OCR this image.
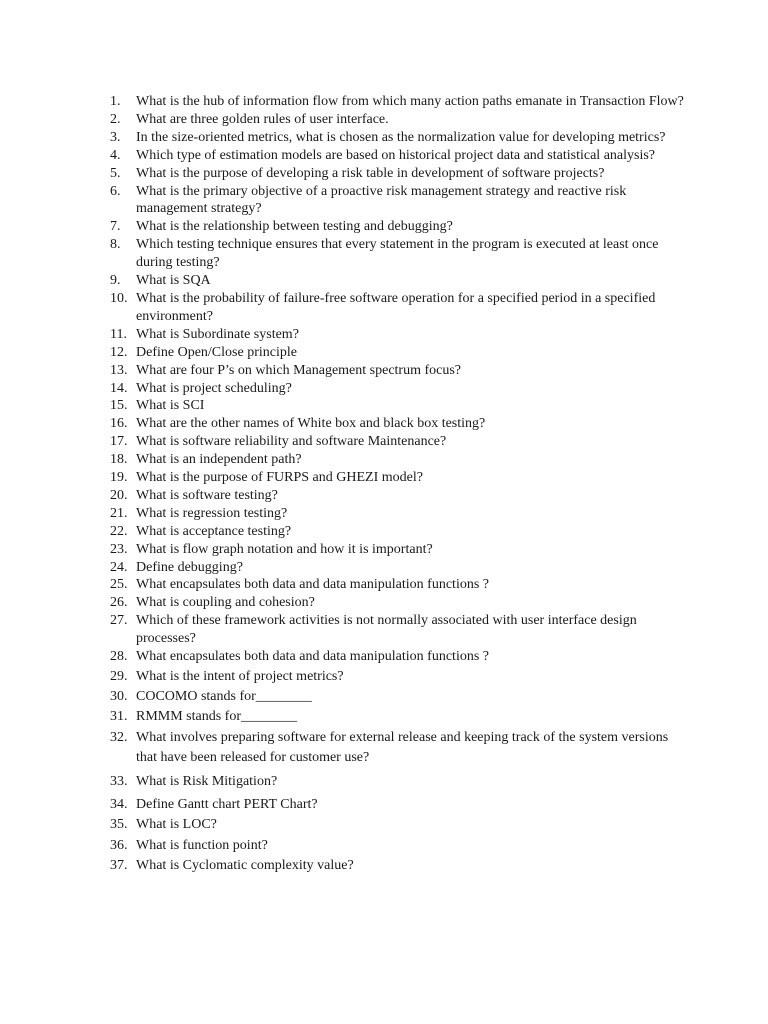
1.	What is the hub of information flow from which many action paths emanate in Transaction Flow?
2.	What are three golden rules of user interface.
3.	In the size-oriented metrics, what is chosen as the normalization value for developing metrics?
4.	Which type of estimation models are based on historical project data and statistical analysis?
5.	What is the purpose of developing a risk table in development of software projects?
6.	What is the primary objective of a proactive risk management strategy and reactive risk management strategy?
7.	What is the relationship between testing and debugging?
8.	Which testing technique ensures that every statement in the program is executed at least once during testing?
9.	What is SQA
10. What is the probability of failure-free software operation for a specified period in a specified environment?
11. What is Subordinate system?
12. Define Open/Close principle
13. What are four P’s on which Management spectrum focus?
14. What is project scheduling?
15. What is SCI
16. What are the other names of White box and black box testing?
17. What is software reliability and software Maintenance?
18. What is an independent path?
19. What is the purpose of FURPS and GHEZI model?
20. What is software testing?
21. What is regression testing?
22. What is acceptance testing?
23. What is flow graph notation and how it is important?
24. Define debugging?
25. What encapsulates both data and data manipulation functions ?
26. What is coupling and cohesion?
27. Which of these framework activities is not normally associated with user interface design processes?
28. What encapsulates both data and data manipulation functions ?
29. What is the intent of project metrics?
30. COCOMO stands for________
31. RMMM stands for________
32. What involves preparing software for external release and keeping track of the system versions that have been released for customer use?
33. What is Risk Mitigation?
34. Define Gantt chart PERT Chart?
35. What is LOC?
36. What is function point?
37. What is Cyclomatic complexity value?
